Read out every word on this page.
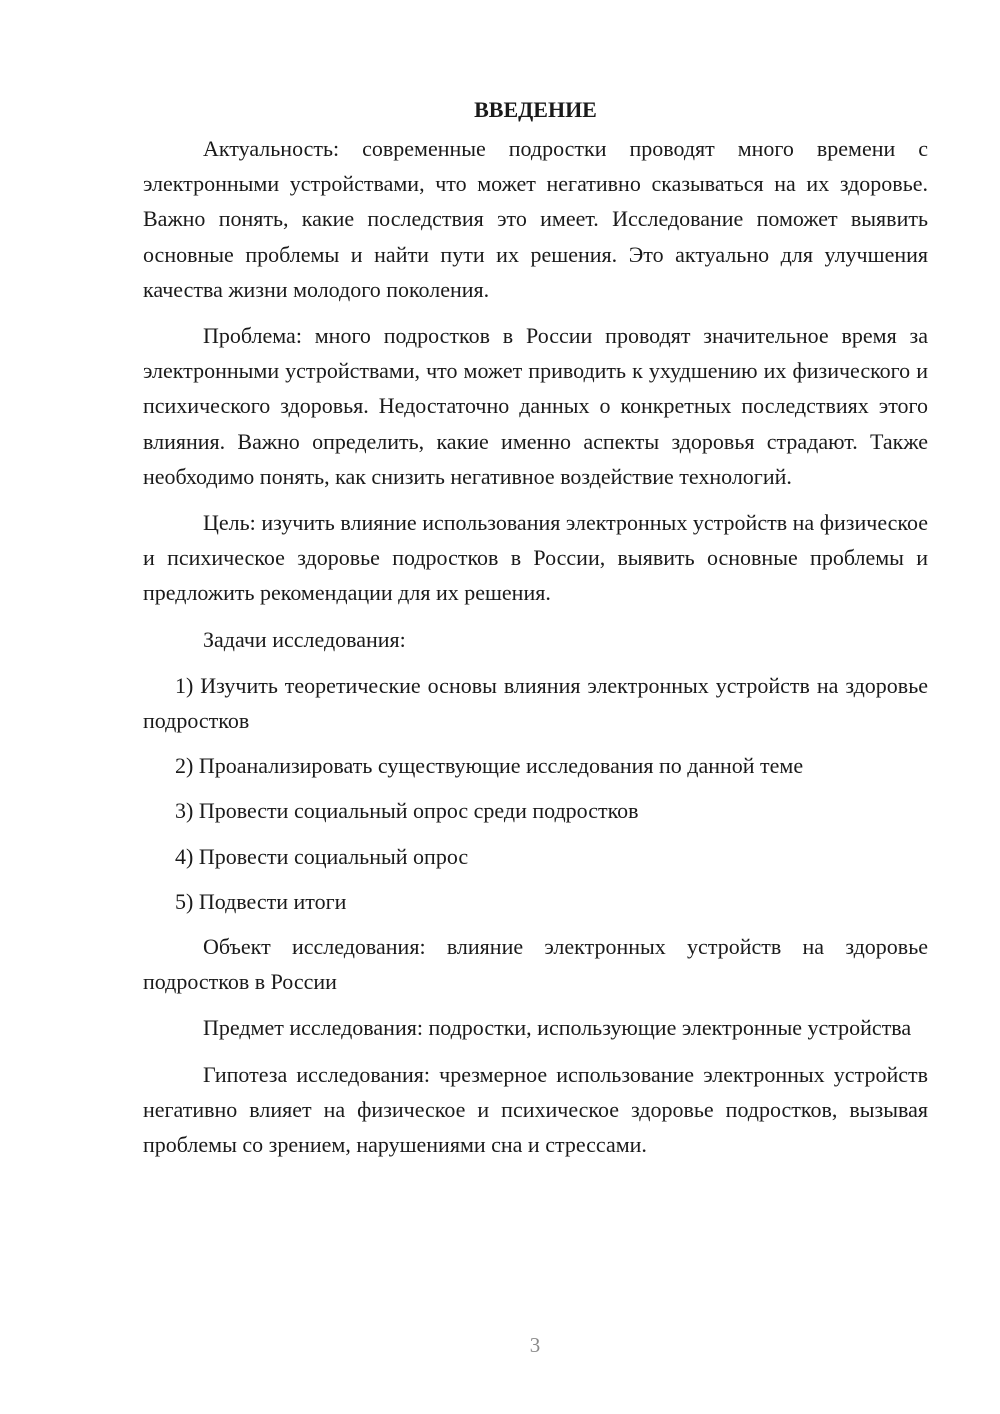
ВВЕДЕНИЕ

Актуальность: современные подростки проводят много времени с электронными устройствами, что может негативно сказываться на их здоровье. Важно понять, какие последствия это имеет. Исследование поможет выявить основные проблемы и найти пути их решения. Это актуально для улучшения качества жизни молодого поколения.

Проблема: много подростков в России проводят значительное время за электронными устройствами, что может приводить к ухудшению их физического и психического здоровья. Недостаточно данных о конкретных последствиях этого влияния. Важно определить, какие именно аспекты здоровья страдают. Также необходимо понять, как снизить негативное воздействие технологий.

Цель: изучить влияние использования электронных устройств на физическое и психическое здоровье подростков в России, выявить основные проблемы и предложить рекомендации для их решения.

Задачи исследования:

1) Изучить теоретические основы влияния электронных устройств на здоровье подростков

2) Проанализировать существующие исследования по данной теме

3) Провести социальный опрос среди подростков

4) Провести социальный опрос

5) Подвести итоги

Объект исследования: влияние электронных устройств на здоровье подростков в России

Предмет исследования: подростки, использующие электронные устройства

Гипотеза исследования: чрезмерное использование электронных устройств негативно влияет на физическое и психическое здоровье подростков, вызывая проблемы со зрением, нарушениями сна и стрессами.

3
